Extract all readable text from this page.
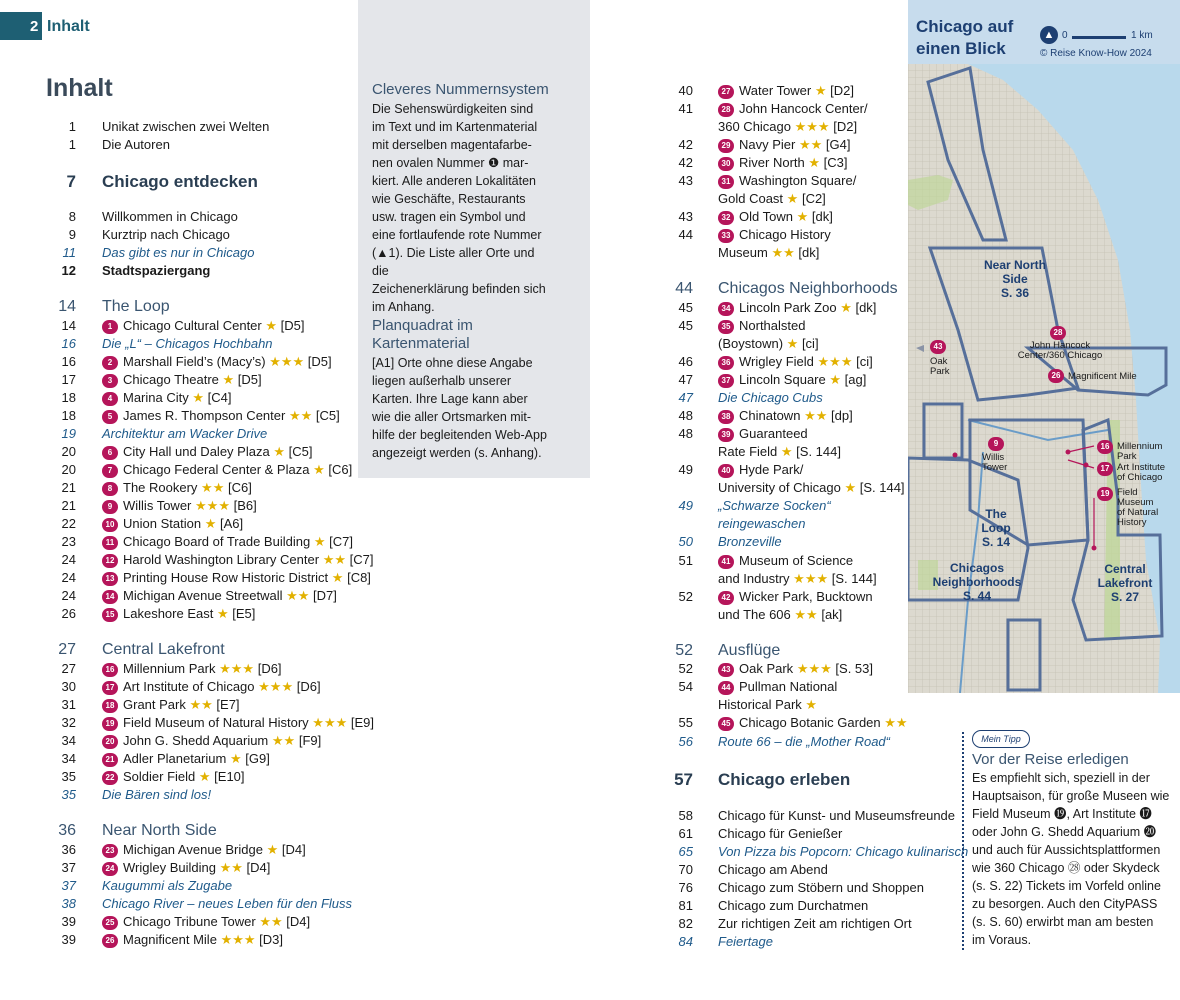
2 Inhalt
Inhalt
1 Unikat zwischen zwei Welten
1 Die Autoren
7 Chicago entdecken
8 Willkommen in Chicago
9 Kurztrip nach Chicago
11 Das gibt es nur in Chicago
12 Stadtspaziergang
14 The Loop
14	1 Chicago Cultural Center ★ [D5]
16 Die „L“ – Chicagos Hochbahn
16	2 Marshall Field’s (Macy’s) ★★★ [D5]
17	3 Chicago Theatre ★ [D5]
18	4 Marina City ★ [C4]
18	5 James R. Thompson Center ★★ [C5]
19 Architektur am Wacker Drive
20	6 City Hall und Daley Plaza ★ [C5]
20	7 Chicago Federal Center & Plaza ★ [C6]
21	8 The Rookery ★★ [C6]
21	9 Willis Tower ★★★ [B6]
22	10 Union Station ★ [A6]
23	11 Chicago Board of Trade Building ★ [C7]
24	12 Harold Washington Library Center ★★ [C7]
24	13 Printing House Row Historic District ★ [C8]
24	14 Michigan Avenue Streetwall ★★ [D7]
26	15 Lakeshore East ★ [E5]
27 Central Lakefront
27	16 Millennium Park ★★★ [D6]
30	17 Art Institute of Chicago ★★★ [D6]
31	18 Grant Park ★★ [E7]
32	19 Field Museum of Natural History ★★★ [E9]
34	20 John G. Shedd Aquarium ★★ [F9]
34	21 Adler Planetarium ★ [G9]
35	22 Soldier Field ★ [E10]
35 Die Bären sind los!
36 Near North Side
36	23 Michigan Avenue Bridge ★ [D4]
37	24 Wrigley Building ★★ [D4]
37 Kaugummi als Zugabe
38 Chicago River – neues Leben für den Fluss
39	25 Chicago Tribune Tower ★★ [D4]
39	26 Magnificent Mile ★★★ [D3]
Cleveres Nummernsystem
Die Sehenswürdigkeiten sind
im Text und im Kartenmaterial
mit derselben magentafarbe-
nen ovalen Nummer ❶ mar-
kiert. Alle anderen Lokalitäten
wie Geschäfte, Restaurants
usw. tragen ein Symbol und
eine fortlaufende rote Nummer
(▲1). Die Liste aller Orte und die
Zeichenerklärung befinden sich
im Anhang.
Planquadrat im
Kartenmaterial
[A1] Orte ohne diese Angabe
liegen außerhalb unserer
Karten. Ihre Lage kann aber
wie die aller Ortsmarken mit-
hilfe der begleitenden Web-App
angezeigt werden (s. Anhang).
40	27 Water Tower ★ [D2]
41	28 John Hancock Center/
360 Chicago ★★★ [D2]
42	29 Navy Pier ★★ [G4]
42	30 River North ★ [C3]
43	31 Washington Square/
Gold Coast ★ [C2]
43	32 Old Town ★ [dk]
44	33 Chicago History
Museum ★★ [dk]
44 Chicagos Neighborhoods
45	34 Lincoln Park Zoo ★ [dk]
45	35 Northalsted
(Boystown) ★ [ci]
46	36 Wrigley Field ★★★ [ci]
47	37 Lincoln Square ★ [ag]
47 Die Chicago Cubs
48	38 Chinatown ★★ [dp]
48	39 Guaranteed
Rate Field ★ [S. 144]
49	40 Hyde Park/
University of Chicago ★ [S. 144]
49 „Schwarze Socken“
reingewaschen
50 Bronzeville
51	41 Museum of Science
and Industry ★★★ [S. 144]
52	42 Wicker Park, Bucktown
und The 606 ★★ [ak]
52 Ausflüge
52	43 Oak Park ★★★ [S. 53]
54	44 Pullman National
Historical Park ★
55	45 Chicago Botanic Garden ★★
56 Route 66 – die „Mother Road“
57 Chicago erleben
58 Chicago für Kunst- und Museumsfreunde
61 Chicago für Genießer
65 Von Pizza bis Popcorn: Chicago kulinarisch
70 Chicago am Abend
76 Chicago zum Stöbern und Shoppen
81 Chicago zum Durchatmen
82 Zur richtigen Zeit am richtigen Ort
84 Feiertage
Chicago auf
einen Blick
▲ 0	1 km
© Reise Know-How 2024
Near North
Side
S. 36
The
Loop
S. 14
Chicagos
Neighborhoods
S. 44
Central
Lakefront
S. 27
28
John Hancock
Center/360 Chicago
26 Magnificent Mile
43
Oak
Park
9
Willis
Tower
16 Millennium
Park
17 Art Institute
of Chicago
19 Field
Museum
of Natural
History
Mein Tipp
Vor der Reise erledigen
Es empfiehlt sich, speziell in der
Hauptsaison, für große Museen wie
Field Museum ⓳, Art Institute ⓱
oder John G. Shedd Aquarium ⓴
und auch für Aussichtsplattformen
wie 360 Chicago ㉘ oder Skydeck
(s. S. 22) Tickets im Vorfeld online
zu besorgen. Auch den CityPASS
(s. S. 60) erwirbt man am besten
im Voraus.
